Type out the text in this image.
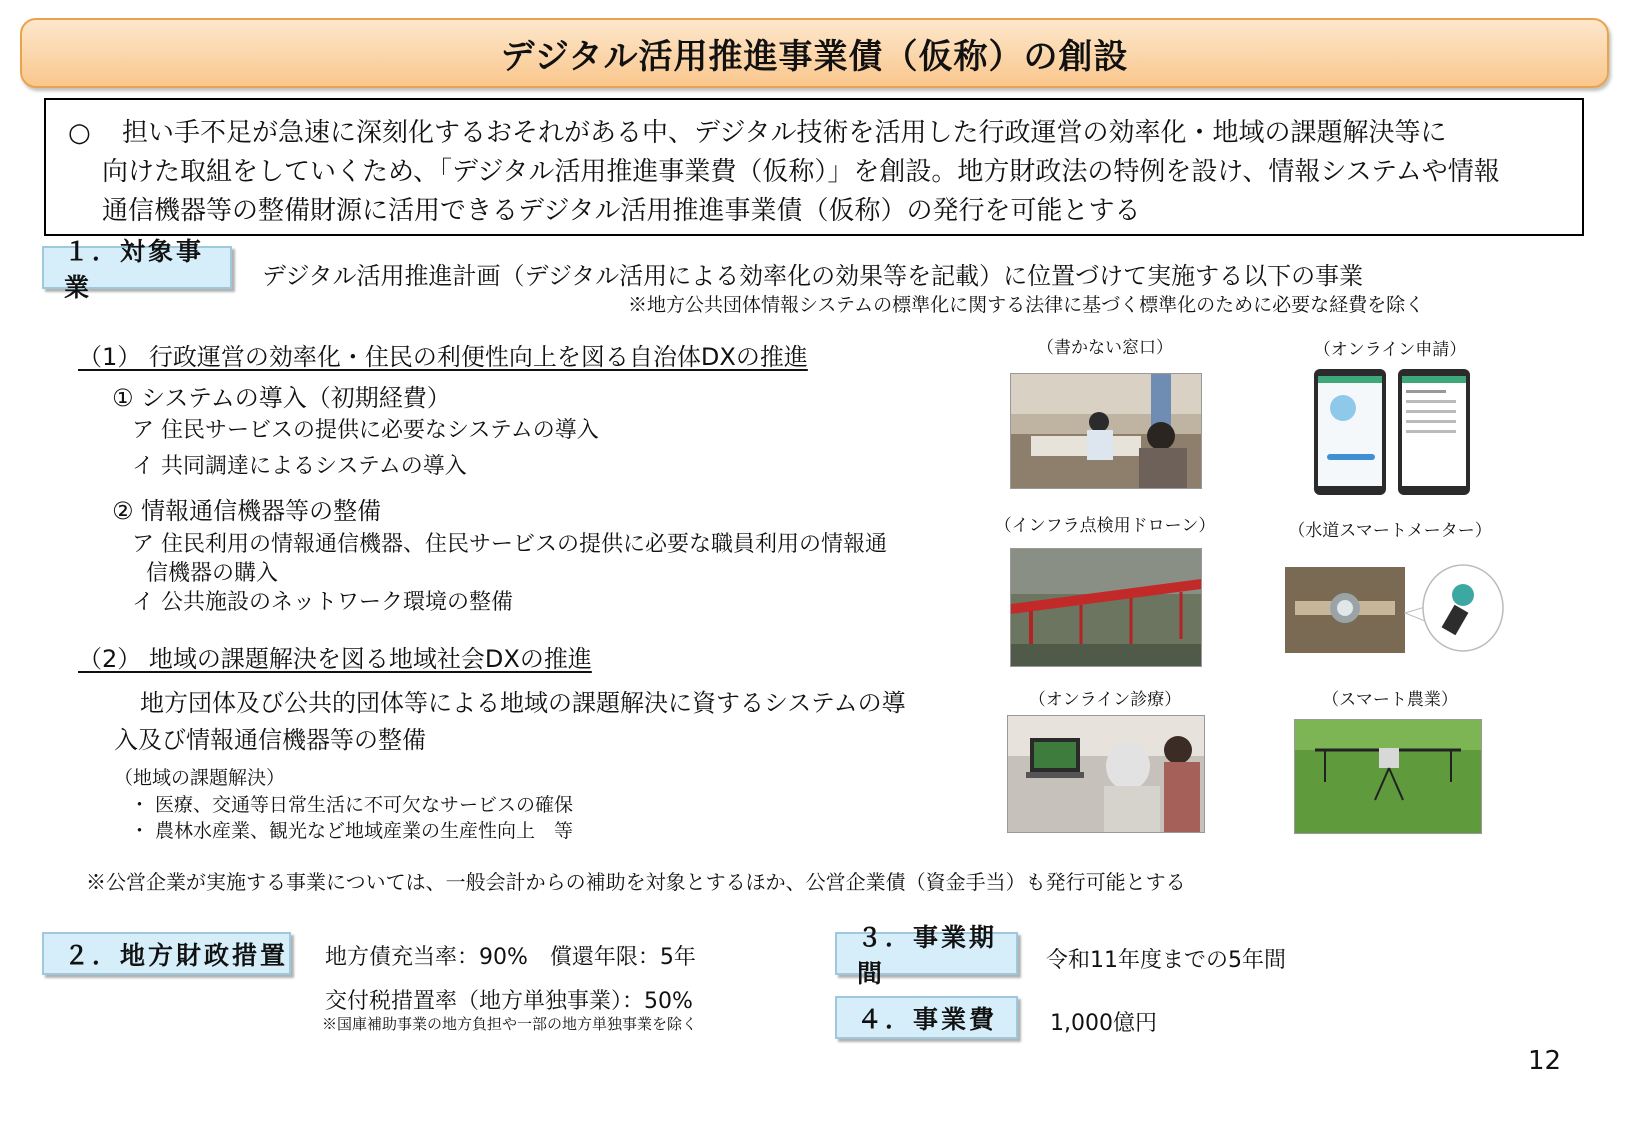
デジタル活用推進事業債（仮称）の創設
○ 担い手不足が急速に深刻化するおそれがある中、デジタル技術を活用した行政運営の効率化・地域の課題解決等に
向けた取組をしていくため、「デジタル活用推進事業費（仮称）」を創設。地方財政法の特例を設け、情報システムや情報
通信機器等の整備財源に活用できるデジタル活用推進事業債（仮称）の発行を可能とする
１．対象事業	デジタル活用推進計画（デジタル活用による効率化の効果等を記載）に位置づけて実施する以下の事業
※地方公共団体情報システムの標準化に関する法律に基づく標準化のために必要な経費を除く
（1） 行政運営の効率化・住民の利便性向上を図る自治体DXの推進
① システムの導入（初期経費）
ア 住民サービスの提供に必要なシステムの導入
イ 共同調達によるシステムの導入
② 情報通信機器等の整備
ア 住民利用の情報通信機器、住民サービスの提供に必要な職員利用の情報通
信機器の購入
イ 公共施設のネットワーク環境の整備
（2） 地域の課題解決を図る地域社会DXの推進
地方団体及び公共的団体等による地域の課題解決に資するシステムの導
入及び情報通信機器等の整備
（地域の課題解決）
・ 医療、交通等日常生活に不可欠なサービスの確保
・ 農林水産業、観光など地域産業の生産性向上　等
※公営企業が実施する事業については、一般会計からの補助を対象とするほか、公営企業債（資金手当）も発行可能とする
（書かない窓口）	（オンライン申請）
（インフラ点検用ドローン）	（水道スマートメーター）
（オンライン診療）	（スマート農業）
２．地方財政措置 地方債充当率：90%　償還年限：5年
交付税措置率（地方単独事業）：50%
※国庫補助事業の地方負担や一部の地方単独事業を除く
３．事業期間	令和11年度までの5年間
４．事業費	1,000億円
12
